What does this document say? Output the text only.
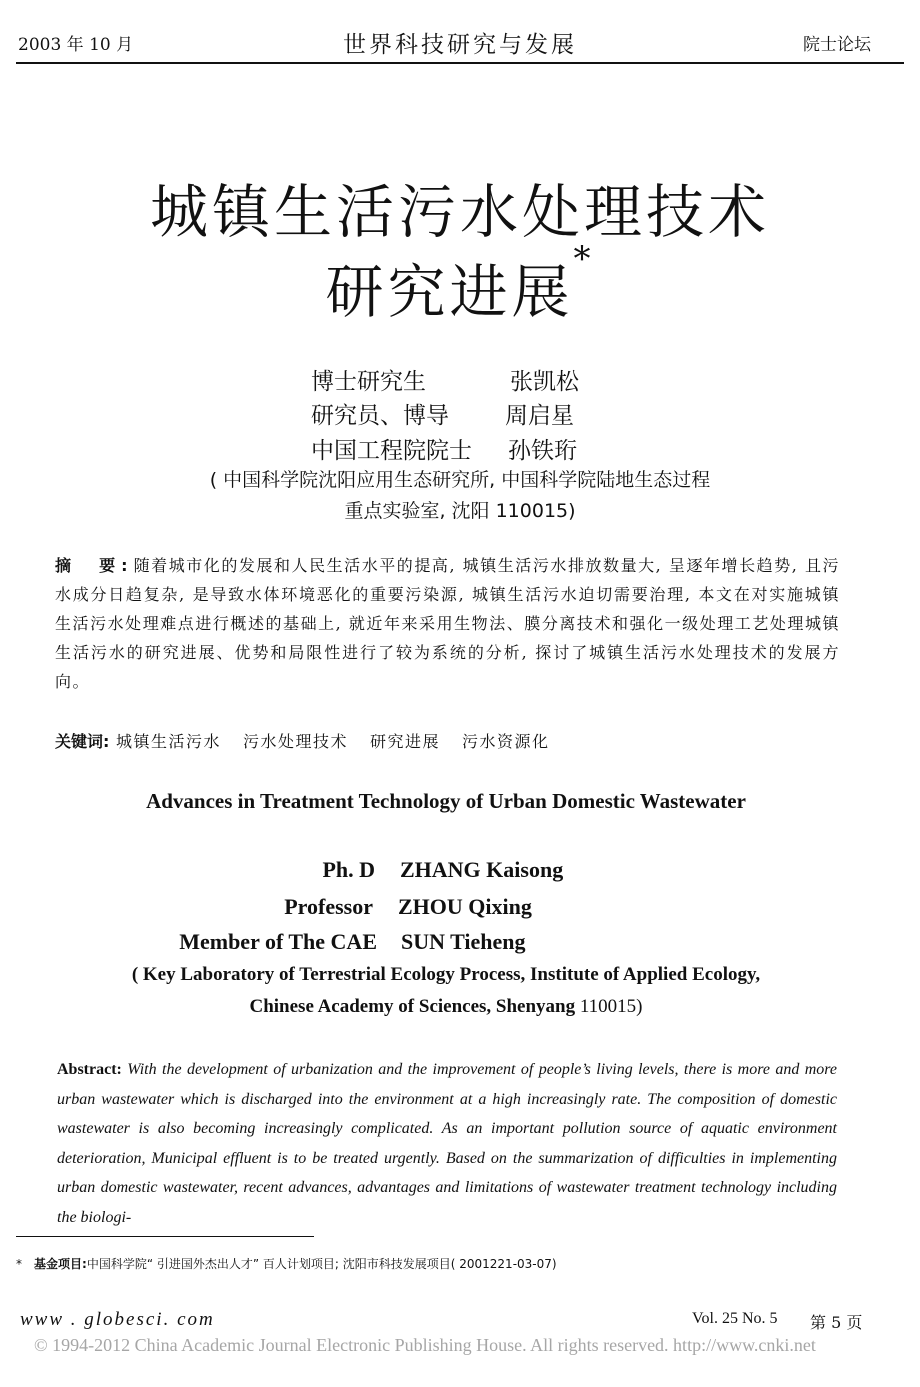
2003 年 10 月	世界科技研究与发展	院士论坛
城镇生活污水处理技术
研究进展*
博士研究生	张凯松
研究员、博导 周启星
中国工程院院士 孙铁珩
( 中国科学院沈阳应用生态研究所, 中国科学院陆地生态过程
重点实验室, 沈阳 110015)
摘　要:随着城市化的发展和人民生活水平的提高, 城镇生活污水排放数量大, 呈逐年增长趋势, 且污水成分日趋复杂, 是导致水体环境恶化的重要污染源, 城镇生活污水迫切需要治理, 本文在对实施城镇生活污水处理难点进行概述的基础上, 就近年来采用生物法、膜分离技术和强化一级处理工艺处理城镇生活污水的研究进展、优势和局限性进行了较为系统的分析, 探讨了城镇生活污水处理技术的发展方向。
关键词: 城镇生活污水 污水处理技术 研究进展 污水资源化
Advances in Treatment Technology of Urban Domestic Wastewater
Ph. D ZHANG Kaisong
Professor ZHOU Qixing
Member of The CAE SUN Tieheng
( Key Laboratory of Terrestrial Ecology Process, Institute of Applied Ecology,
Chinese Academy of Sciences, Shenyang 110015)
Abstract: With the development of urbanization and the improvement of people’s living levels, there is more and more urban wastewater which is discharged into the environment at a high increasingly rate. The composition of domestic wastewater is also becoming increasingly complicated. As an important pollution source of aquatic environment deterioration, Municipal effluent is to be treated urgently. Based on the summarization of difficulties in implementing urban domestic wastewater, recent advances, advantages and limitations of wastewater treatment technology including the biologi-
*　 基金项目:中国科学院“ 引进国外杰出人才” 百人计划项目; 沈阳市科技发展项目( 2001221-03-07)
www . globesci. com	Vol. 25 No. 5 第 5 页
© 1994-2012 China Academic Journal Electronic Publishing House. All rights reserved. http://www.cnki.net
